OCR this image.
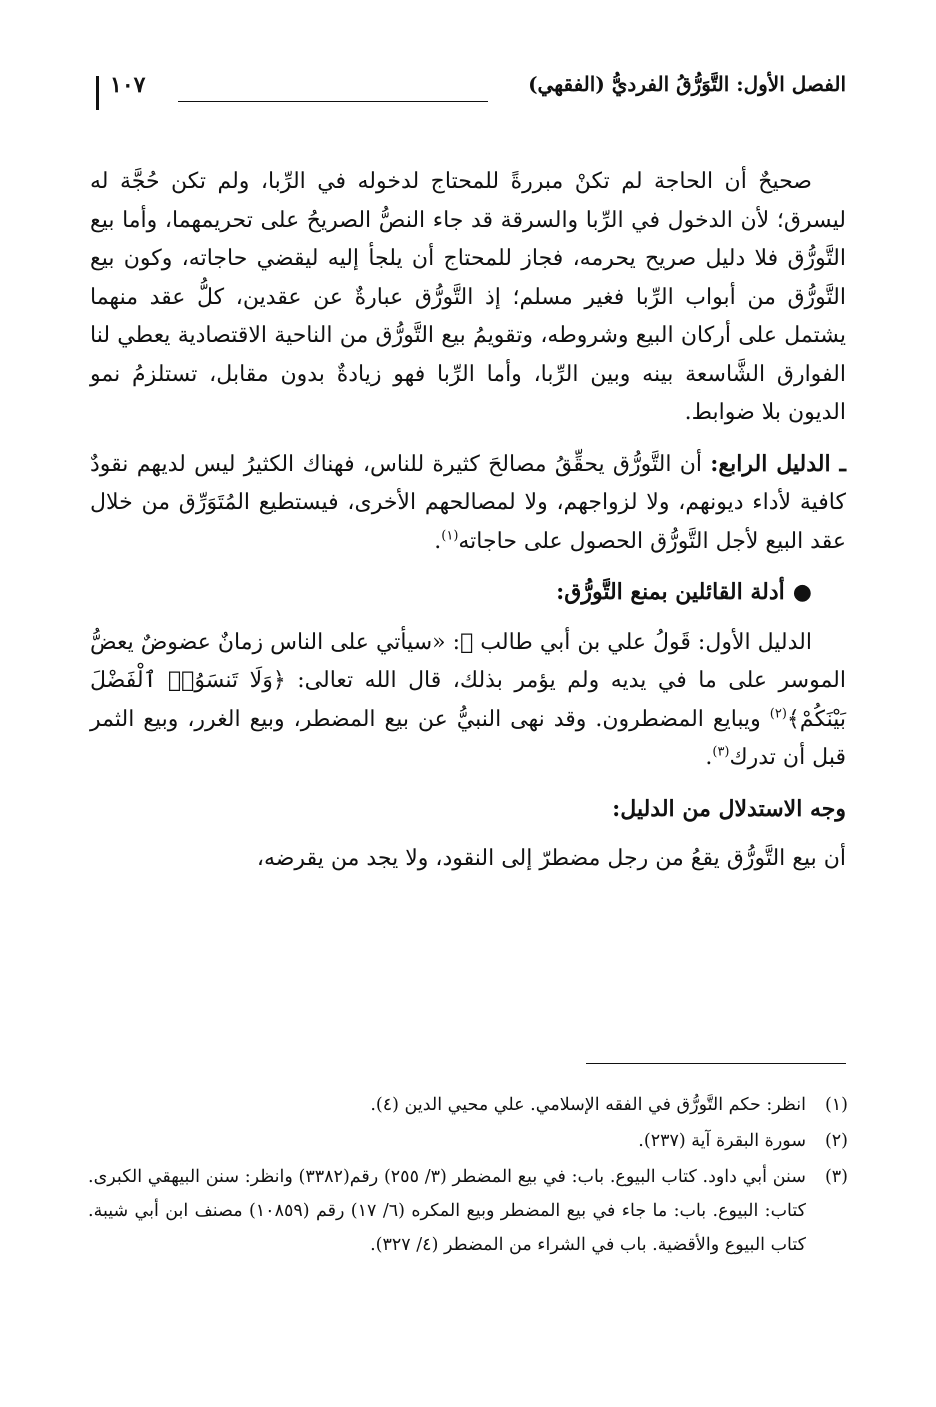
الفصل الأول: التَّوَرُّقُ الفرديُّ (الفقهي)
١٠٧

صحيحٌ أن الحاجة لم تكنْ مبررةً للمحتاج لدخوله في الرِّبا، ولم تكن حُجَّة له ليسرق؛ لأن الدخول في الرِّبا والسرقة قد جاء النصُّ الصريحُ على تحريمهما، وأما بيع التَّورُّق فلا دليل صريح يحرمه، فجاز للمحتاج أن يلجأ إليه ليقضي حاجاته، وكون بيع التَّورُّق من أبواب الرِّبا فغير مسلم؛ إذ التَّورُّق عبارةٌ عن عقدين، كلُّ عقد منهما يشتمل على أركان البيع وشروطه، وتقويمُ بيع التَّورُّق من الناحية الاقتصادية يعطي لنا الفوارق الشَّاسعة بينه وبين الرِّبا، وأما الرِّبا فهو زيادةٌ بدون مقابل، تستلزمُ نمو الديون بلا ضوابط.

ـ الدليل الرابع: أن التَّورُّق يحقِّقُ مصالحَ كثيرة للناس، فهناك الكثيرُ ليس لديهم نقودٌ كافية لأداء ديونهم، ولا لزواجهم، ولا لمصالحهم الأخرى، فيستطيع المُتَوَرِّق من خلال عقد البيع لأجل التَّورُّق الحصول على حاجاته$^{(١)}$.

●أدلة القائلين بمنع التَّورُّق:

الدليل الأول: قَولُ علي بن أبي طالب ﷺ: «سيأتي على الناس زمانٌ عضوضٌ يعضُّ الموسر على ما في يديه ولم يؤمر بذلك، قال الله تعالى: ﴿وَلَا تَنسَوُا۟ ٱلْفَضْلَ بَيْنَكُمْ﴾$^{(٢)}$ ويبايع المضطرون. وقد نهى النبيُّ عن بيع المضطر، وبيع الغرر، وبيع الثمر قبل أن تدرك$^{(٣)}$.

وجه الاستدلال من الدليل:

أن بيع التَّورُّق يقعُ من رجل مضطرّ إلى النقود، ولا يجد من يقرضه،

(١)
انظر: حكم التَّورُّق في الفقه الإسلامي. علي محيي الدين (٤).
(٢)
سورة البقرة آية (٢٣٧).
(٣)
سنن أبي داود. كتاب البيوع. باب: في بيع المضطر (٣/ ٢٥٥) رقم(٣٣٨٢) وانظر: سنن البيهقي الكبرى. كتاب: البيوع. باب: ما جاء في بيع المضطر وبيع المكره (٦/ ١٧) رقم (١٠٨٥٩) مصنف ابن أبي شيبة. كتاب البيوع والأقضية. باب في الشراء من المضطر (٤/ ٣٢٧).
